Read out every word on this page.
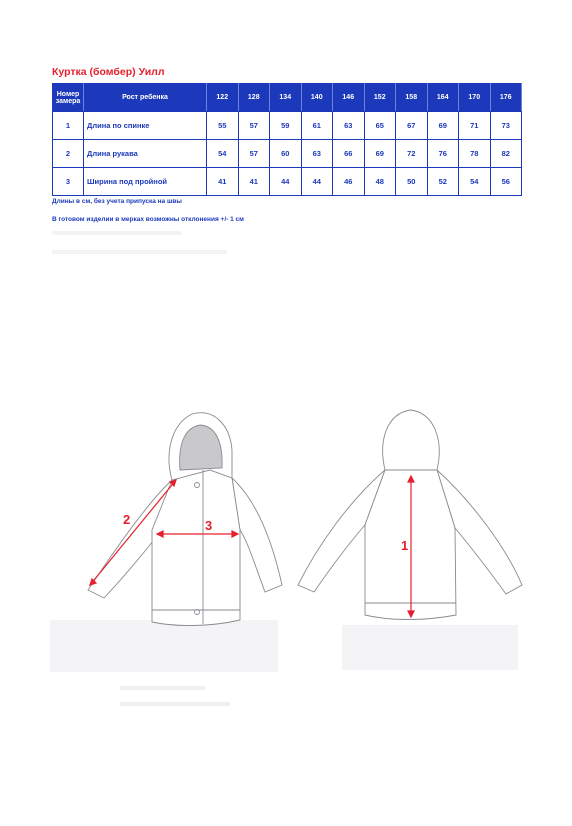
Куртка (бомбер) Уилл
Номер замера	Рост ребенка	122	128	134	140	146	152	158	164	170	176
1	Длина по спинке	55	57	59	61	63	65	67	69	71	73
2	Длина рукава	54	57	60	63	66	69	72	76	78	82
3	Ширина под пройной	41	41	44	44	46	48	50	52	54	56
Длины в см, без учета припуска на швы
В готовом изделии в мерках возможны отклонения +/- 1 см
2	3
1
